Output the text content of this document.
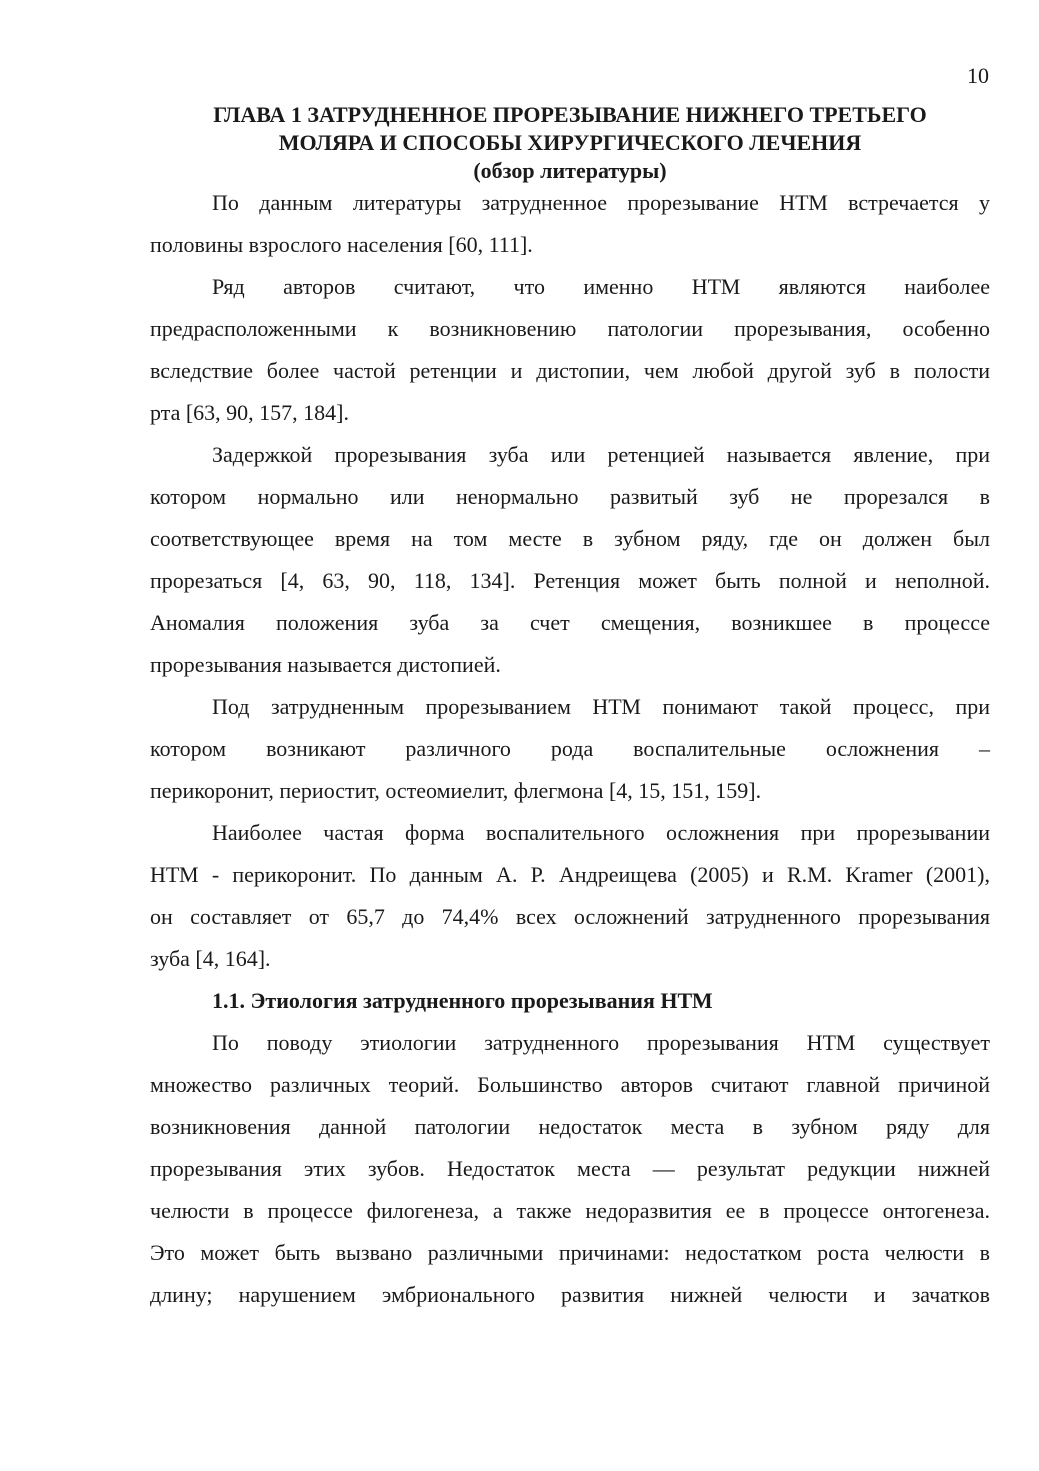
10
ГЛАВА 1 ЗАТРУДНЕННОЕ ПРОРЕЗЫВАНИЕ НИЖНЕГО ТРЕТЬЕГО
МОЛЯРА И СПОСОБЫ ХИРУРГИЧЕСКОГО ЛЕЧЕНИЯ
(обзор литературы)

По данным литературы затрудненное прорезывание НТМ встречается у
половины взрослого населения [60, 111].

Ряд авторов считают, что именно НТМ являются наиболее
предрасположенными к возникновению патологии прорезывания, особенно
вследствие более частой ретенции и дистопии, чем любой другой зуб в полости
рта [63, 90, 157, 184].

Задержкой прорезывания зуба или ретенцией называется явление, при
котором нормально или ненормально развитый зуб не прорезался в
соответствующее время на том месте в зубном ряду, где он должен был
прорезаться [4, 63, 90, 118, 134]. Ретенция может быть полной и неполной.
Аномалия положения зуба за счет смещения, возникшее в процессе
прорезывания называется дистопией.

Под затрудненным прорезыванием НТМ понимают такой процесс, при
котором возникают различного рода воспалительные осложнения –
перикоронит, периостит, остеомиелит, флегмона [4, 15, 151, 159].

Наиболее частая форма воспалительного осложнения при прорезывании
НТМ - перикоронит. По данным А. Р. Андреищева (2005) и R.M. Kramer (2001),
он составляет от 65,7 до 74,4% всех осложнений затрудненного прорезывания
зуба [4, 164].

1.1. Этиология затрудненного прорезывания НТМ

По поводу этиологии затрудненного прорезывания НТМ существует
множество различных теорий. Большинство авторов считают главной причиной
возникновения данной патологии недостаток места в зубном ряду для
прорезывания этих зубов. Недостаток места — результат редукции нижней
челюсти в процессе филогенеза, а также недоразвития ее в процессе онтогенеза.
Это может быть вызвано различными причинами: недостатком роста челюсти в
длину; нарушением эмбрионального развития нижней челюсти и зачатков
